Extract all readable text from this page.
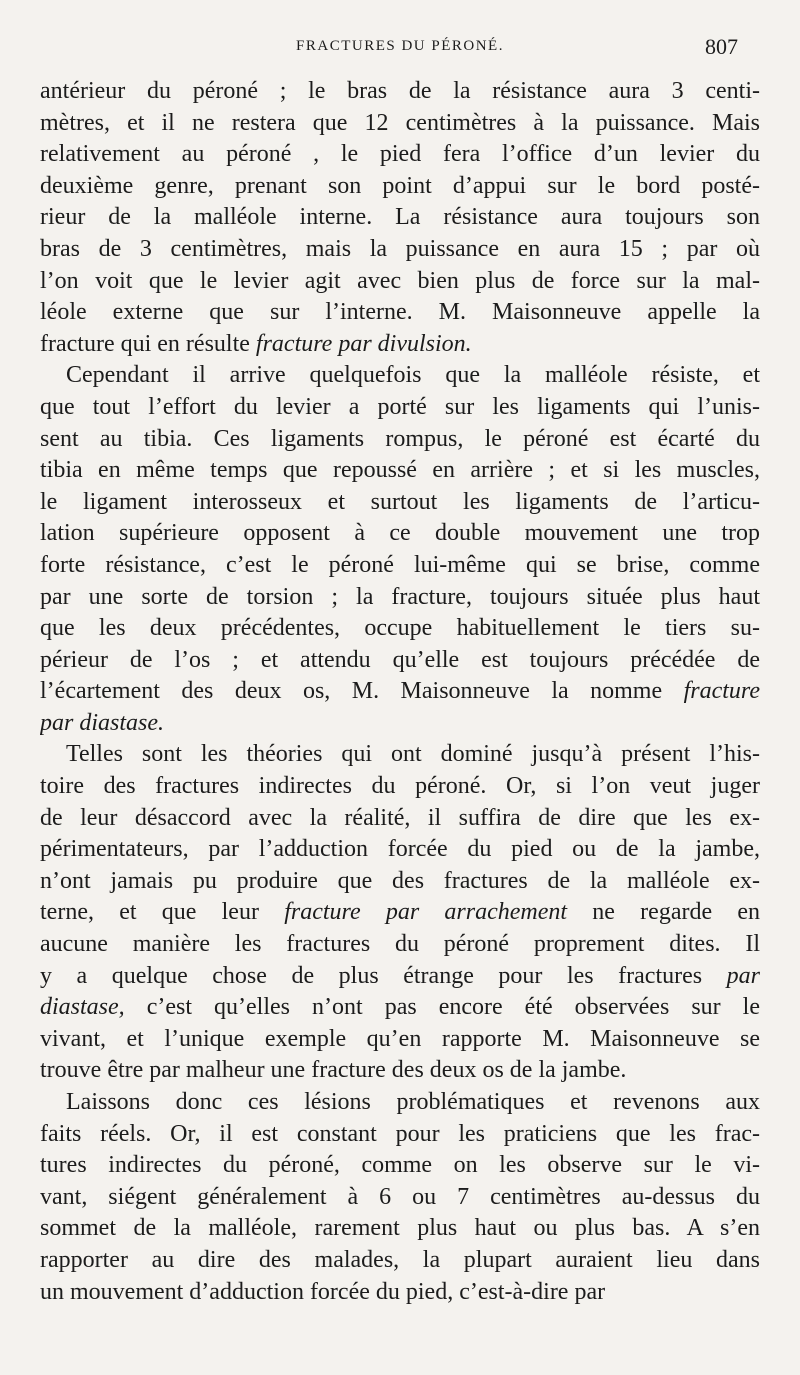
FRACTURES DU PÉRONÉ.	807
antérieur du péroné ; le bras de la résistance aura 3 centi-
mètres, et il ne restera que 12 centimètres à la puissance. Mais
relativement au péroné , le pied fera l’office d’un levier du
deuxième genre, prenant son point d’appui sur le bord posté-
rieur de la malléole interne. La résistance aura toujours son
bras de 3 centimètres, mais la puissance en aura 15 ; par où
l’on voit que le levier agit avec bien plus de force sur la mal-
léole externe que sur l’interne. M. Maisonneuve appelle la
fracture qui en résulte fracture par divulsion.
Cependant il arrive quelquefois que la malléole résiste, et
que tout l’effort du levier a porté sur les ligaments qui l’unis-
sent au tibia. Ces ligaments rompus, le péroné est écarté du
tibia en même temps que repoussé en arrière ; et si les muscles,
le ligament interosseux et surtout les ligaments de l’articu-
lation supérieure opposent à ce double mouvement une trop
forte résistance, c’est le péroné lui-même qui se brise, comme
par une sorte de torsion ; la fracture, toujours située plus haut
que les deux précédentes, occupe habituellement le tiers su-
périeur de l’os ; et attendu qu’elle est toujours précédée de
l’écartement des deux os, M. Maisonneuve la nomme fracture
par diastase.
Telles sont les théories qui ont dominé jusqu’à présent l’his-
toire des fractures indirectes du péroné. Or, si l’on veut juger
de leur désaccord avec la réalité, il suffira de dire que les ex-
périmentateurs, par l’adduction forcée du pied ou de la jambe,
n’ont jamais pu produire que des fractures de la malléole ex-
terne, et que leur fracture par arrachement ne regarde en
aucune manière les fractures du péroné proprement dites. Il
y a quelque chose de plus étrange pour les fractures par
diastase, c’est qu’elles n’ont pas encore été observées sur le
vivant, et l’unique exemple qu’en rapporte M. Maisonneuve se
trouve être par malheur une fracture des deux os de la jambe.
Laissons donc ces lésions problématiques et revenons aux
faits réels. Or, il est constant pour les praticiens que les frac-
tures indirectes du péroné, comme on les observe sur le vi-
vant, siégent généralement à 6 ou 7 centimètres au-dessus du
sommet de la malléole, rarement plus haut ou plus bas. A s’en
rapporter au dire des malades, la plupart auraient lieu dans
un mouvement d’adduction forcée du pied, c’est-à-dire par
